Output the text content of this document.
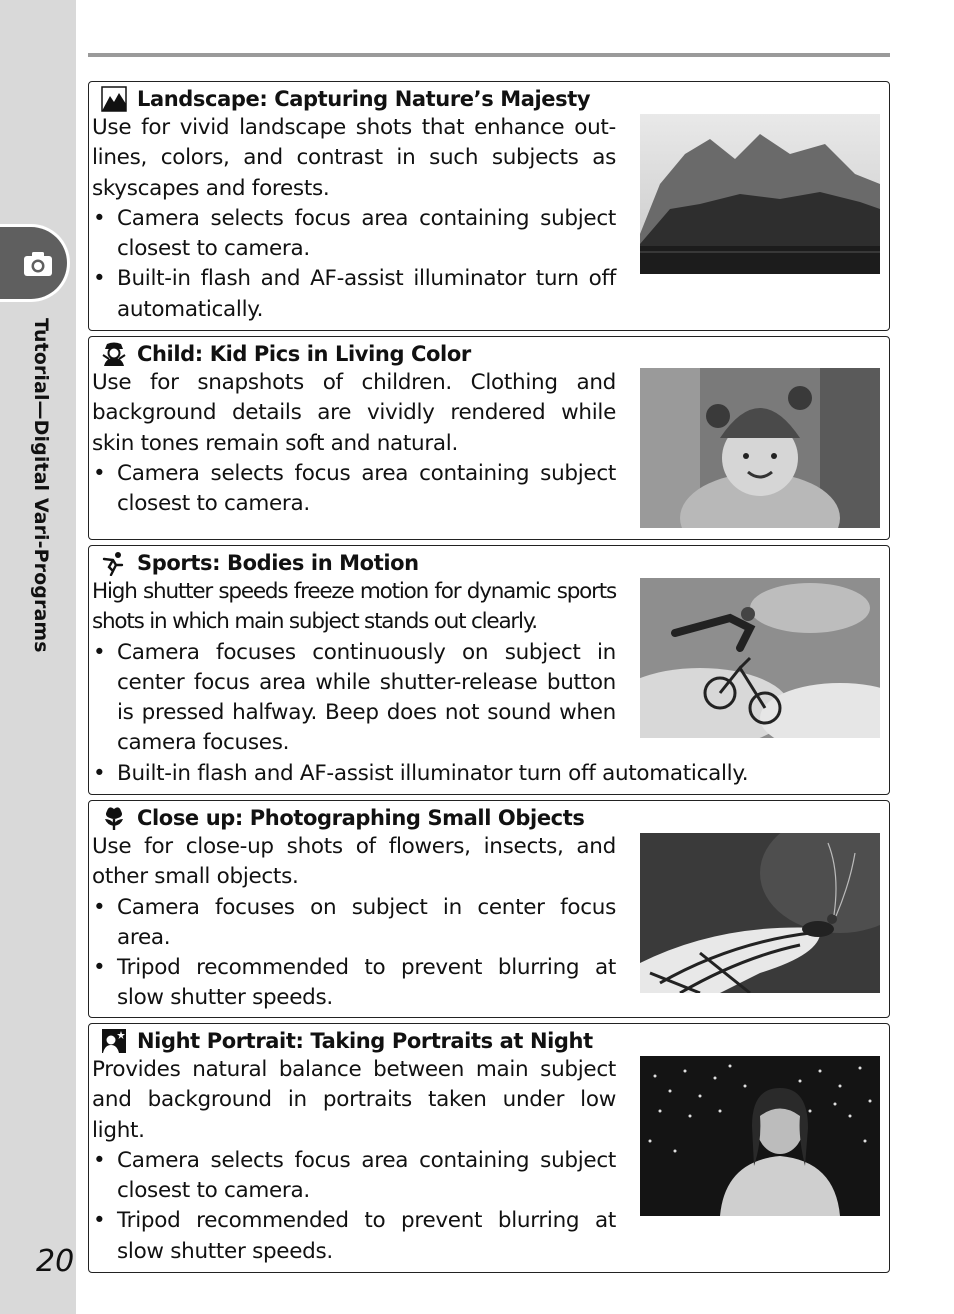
Tutorial—Digital Vari-Programs
20
Landscape: Capturing Nature’s Majesty

Use for vivid landscape shots that enhance out-lines, colors, and contrast in such subjects as skyscapes and forests.

• Camera selects focus area containing subject closest to camera.
• Built-in flash and AF-assist illuminator turn off automatically.
Child: Kid Pics in Living Color

Use for snapshots of children. Clothing and background details are vividly rendered while skin tones remain soft and natural.

• Camera selects focus area containing subject closest to camera.
Sports: Bodies in Motion

High shutter speeds freeze motion for dynamic sports shots in which main subject stands out clearly.

• Camera focuses continuously on subject in center focus area while shutter-release button is pressed halfway. Beep does not sound when camera focuses.
• Built-in flash and AF-assist illuminator turn off automatically.
Close up: Photographing Small Objects

Use for close-up shots of flowers, insects, and other small objects.

• Camera focuses on subject in center focus area.
• Tripod recommended to prevent blurring at slow shutter speeds.
Night Portrait: Taking Portraits at Night

Provides natural balance between main subject and background in portraits taken under low light.

• Camera selects focus area containing subject closest to camera.
• Tripod recommended to prevent blurring at slow shutter speeds.
